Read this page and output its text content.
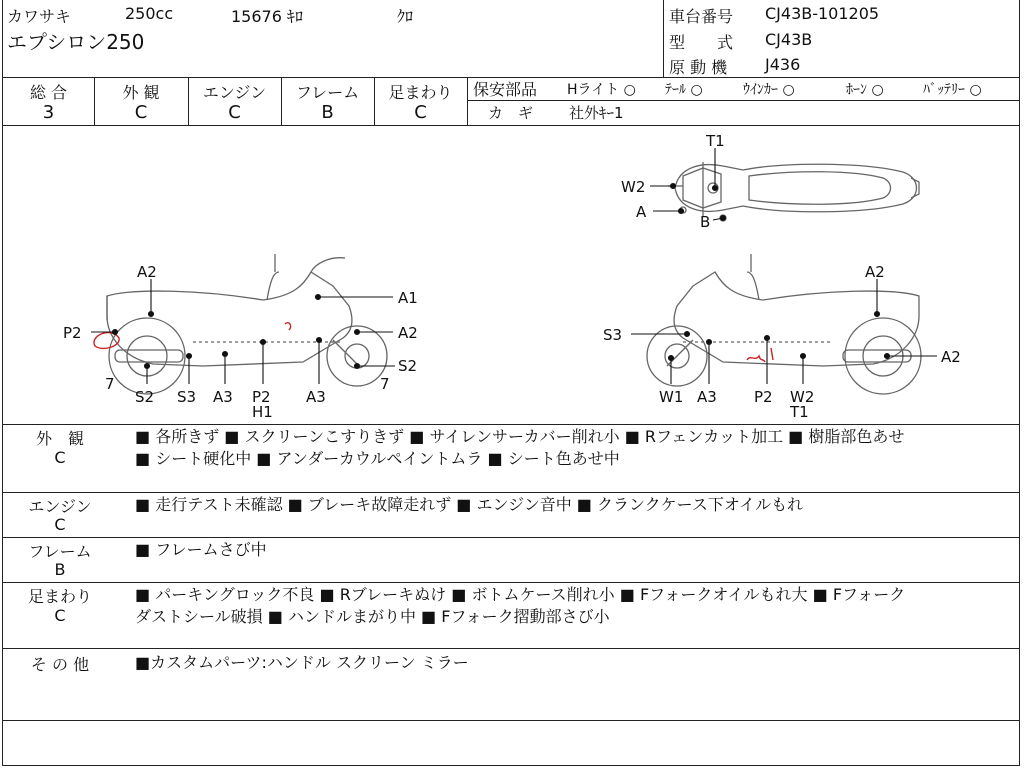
カワサキ	250cc	15676 ｷﾛ	ｸﾛ
エプシロン250
車台番号 CJ43B-101205
型　　式 CJ43B
原 動 機 J436
総 合
3
外 観
C
エンジン
C
フレーム
B
足まわり
C
保安部品 Hライト ○ ﾃｰﾙ ○	ｳｲﾝｶｰ ○	ﾎｰﾝ ○	ﾊﾞｯﾃﾘｰ ○
カ　ギ 社外ｷｰ1
T1
W2
A
B
A2
A1
P2	A2
S2
7	7
S2 S3 A3 P2 A3
H1
A2
S3
A2
W1 A3 P2 W2
T1
外　観
C
■ 各所きず ■ スクリーンこすりきず ■ サイレンサーカバー削れ小 ■ Rフェンカット加工 ■ 樹脂部色あせ
■ シート硬化中 ■ アンダーカウルペイントムラ ■ シート色あせ中
エンジン
C
■ 走行テスト未確認 ■ ブレーキ故障走れず ■ エンジン音中 ■ クランクケース下オイルもれ
フレーム
B
■ フレームさび中
足まわり
C
■ パーキングロック不良 ■ Rブレーキぬけ ■ ボトムケース削れ小 ■ Fフォークオイルもれ大 ■ Fフォーク
ダストシール破損 ■ ハンドルまがり中 ■ Fフォーク摺動部さび小
そ の 他	■カスタムパーツ:ハンドル スクリーン ミラー
